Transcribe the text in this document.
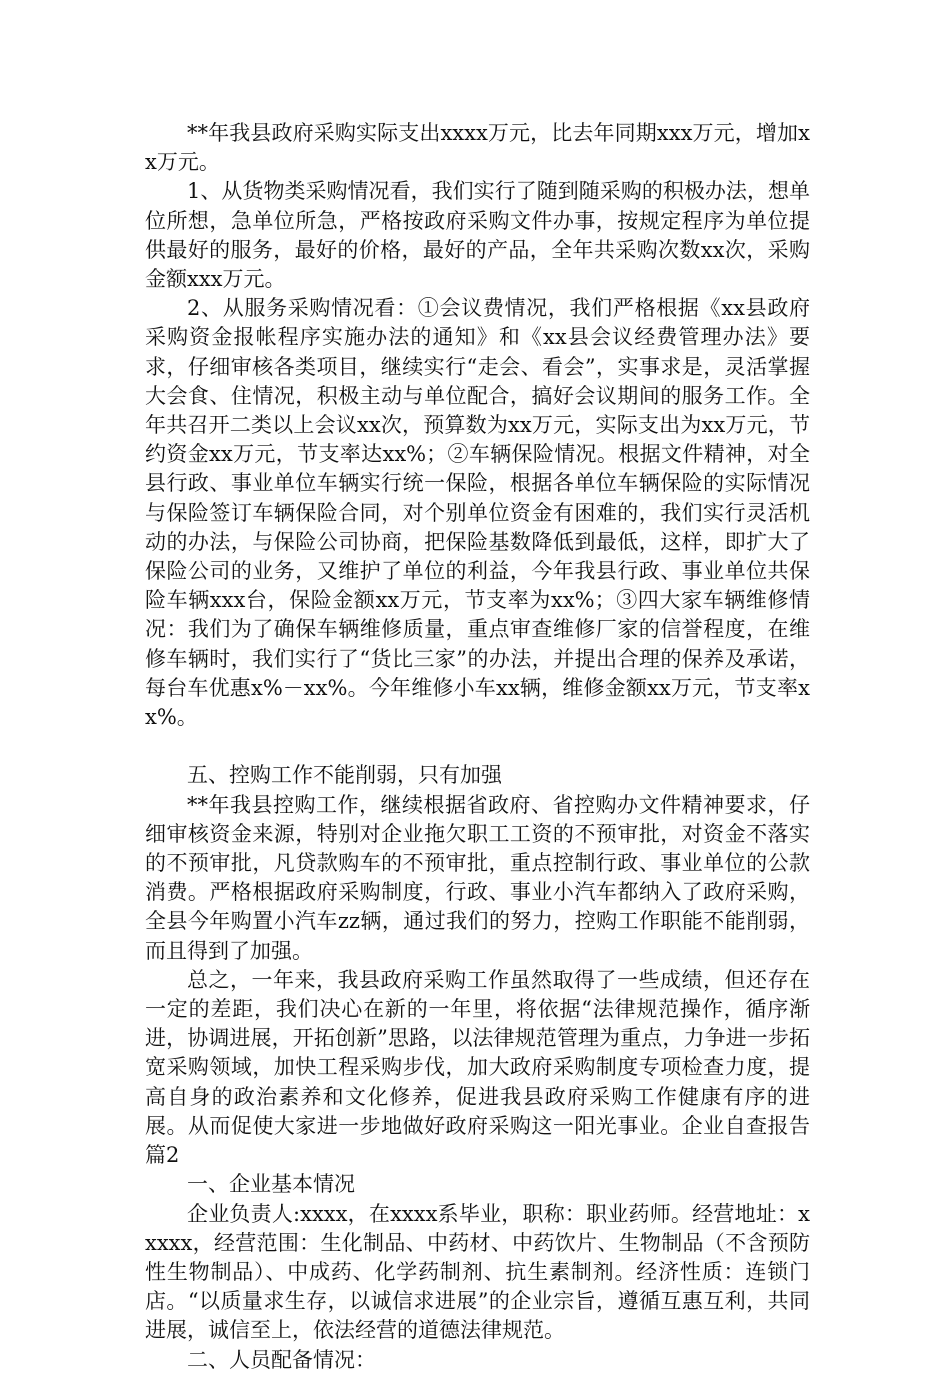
**年我县政府采购实际支出xxxx万元，比去年同期xxx万元，增加xx万元。

1、从货物类采购情况看，我们实行了随到随采购的积极办法，想单位所想，急单位所急，严格按政府采购文件办事，按规定程序为单位提供最好的服务，最好的价格，最好的产品，全年共采购次数xx次，采购金额xxx万元。

2、从服务采购情况看：①会议费情况，我们严格根据《xx县政府采购资金报帐程序实施办法的通知》和《xx县会议经费管理办法》要求，仔细审核各类项目，继续实行“走会、看会”，实事求是，灵活掌握大会食、住情况，积极主动与单位配合，搞好会议期间的服务工作。全年共召开二类以上会议xx次，预算数为xx万元，实际支出为xx万元，节约资金xx万元，节支率达xx%；②车辆保险情况。根据文件精神，对全县行政、事业单位车辆实行统一保险，根据各单位车辆保险的实际情况与保险签订车辆保险合同，对个别单位资金有困难的，我们实行灵活机动的办法，与保险公司协商，把保险基数降低到最低，这样，即扩大了保险公司的业务，又维护了单位的利益，今年我县行政、事业单位共保险车辆xxx台，保险金额xx万元，节支率为xx%；③四大家车辆维修情况：我们为了确保车辆维修质量，重点审查维修厂家的信誉程度，在维修车辆时，我们实行了“货比三家”的办法，并提出合理的保养及承诺，每台车优惠x%－xx%。今年维修小车xx辆，维修金额xx万元，节支率xx%。

五、控购工作不能削弱，只有加强

**年我县控购工作，继续根据省政府、省控购办文件精神要求，仔细审核资金来源，特别对企业拖欠职工工资的不预审批，对资金不落实的不预审批，凡贷款购车的不预审批，重点控制行政、事业单位的公款消费。严格根据政府采购制度，行政、事业小汽车都纳入了政府采购，全县今年购置小汽车zz辆，通过我们的努力，控购工作职能不能削弱，而且得到了加强。

总之，一年来，我县政府采购工作虽然取得了一些成绩，但还存在一定的差距，我们决心在新的一年里，将依据“法律规范操作，循序渐进，协调进展，开拓创新”思路，以法律规范管理为重点，力争进一步拓宽采购领域，加快工程采购步伐，加大政府采购制度专项检查力度，提高自身的政治素养和文化修养，促进我县政府采购工作健康有序的进展。从而促使大家进一步地做好政府采购这一阳光事业。企业自查报告 篇2

一、企业基本情况

企业负责人:xxxx，在xxxx系毕业，职称：职业药师。经营地址：xxxxx，经营范围：生化制品、中药材、中药饮片、生物制品（不含预防性生物制品）、中成药、化学药制剂、抗生素制剂。经济性质：连锁门店。“以质量求生存，以诚信求进展”的企业宗旨，遵循互惠互利，共同进展，诚信至上，依法经营的道德法律规范。

二、人员配备情况：
